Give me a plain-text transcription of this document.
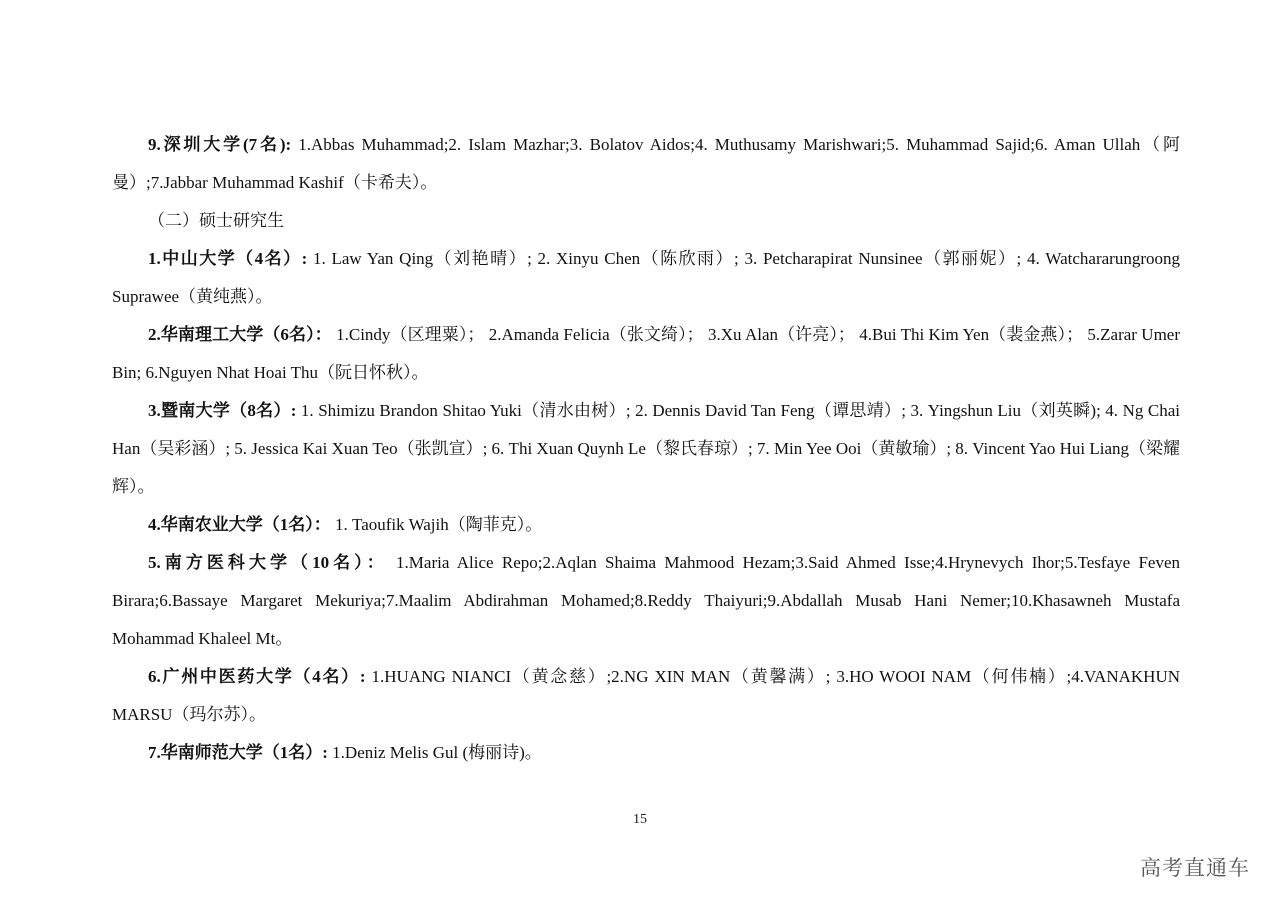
9.深圳大学(7名): 1.Abbas Muhammad;2. Islam Mazhar;3. Bolatov Aidos;4. Muthusamy Marishwari;5. Muhammad Sajid;6. Aman Ullah（阿曼）;7.Jabbar Muhammad Kashif（卡希夫）。

（二）硕士研究生

1.中山大学（4名）: 1. Law Yan Qing（刘艳晴）; 2. Xinyu Chen（陈欣雨）; 3. Petcharapirat Nunsinee（郭丽妮）; 4. Watchararungroong Suprawee（黄纯燕）。

2.华南理工大学（6名）： 1.Cindy（区理粟）； 2.Amanda Felicia（张文绮）； 3.Xu Alan（许亮）； 4.Bui Thi Kim Yen（裴金燕）； 5.Zarar Umer Bin; 6.Nguyen Nhat Hoai Thu（阮日怀秋）。

3.暨南大学（8名）: 1. Shimizu Brandon Shitao Yuki（清水由树）; 2. Dennis David Tan Feng（谭思靖）; 3. Yingshun Liu（刘英瞬); 4. Ng Chai Han（吴彩涵）; 5. Jessica Kai Xuan Teo（张凯宣）; 6. Thi Xuan Quynh Le（黎氏春琼）; 7. Min Yee Ooi（黄敏瑜）; 8. Vincent Yao Hui Liang（梁耀辉）。

4.华南农业大学（1名）： 1. Taoufik Wajih（陶菲克）。

5.南方医科大学（10名）： 1.Maria Alice Repo;2.Aqlan Shaima Mahmood Hezam;3.Said Ahmed Isse;4.Hrynevych Ihor;5.Tesfaye Feven Birara;6.Bassaye Margaret Mekuriya;7.Maalim Abdirahman Mohamed;8.Reddy Thaiyuri;9.Abdallah Musab Hani Nemer;10.Khasawneh Mustafa Mohammad Khaleel Mt。

6.广州中医药大学（4名）: 1.HUANG NIANCI（黄念慈）;2.NG XIN MAN（黄馨满）; 3.HO WOOI NAM（何伟楠）;4.VANAKHUN MARSU（玛尔苏）。

7.华南师范大学（1名）: 1.Deniz Melis Gul (梅丽诗)。

15
高考直通车
